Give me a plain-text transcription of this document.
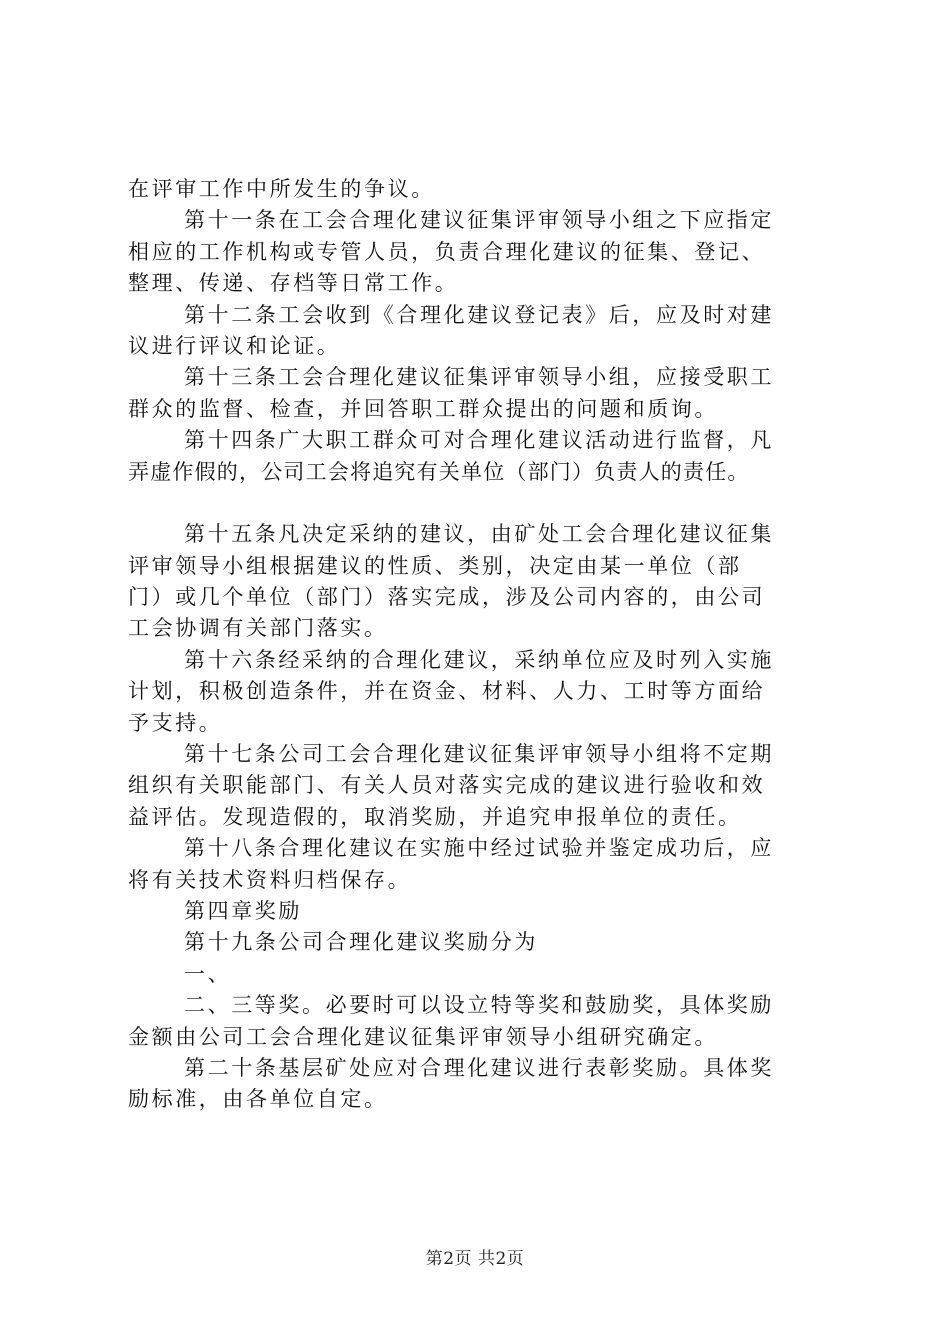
在评审工作中所发生的争议。
第十一条在工会合理化建议征集评审领导小组之下应指定
相应的工作机构或专管人员，负责合理化建议的征集、登记、
整理、传递、存档等日常工作。
第十二条工会收到《合理化建议登记表》后，应及时对建
议进行评议和论证。
第十三条工会合理化建议征集评审领导小组，应接受职工
群众的监督、检查，并回答职工群众提出的问题和质询。
第十四条广大职工群众可对合理化建议活动进行监督，凡
弄虚作假的，公司工会将追究有关单位（部门）负责人的责任。
第十五条凡决定采纳的建议，由矿处工会合理化建议征集
评审领导小组根据建议的性质、类别，决定由某一单位（部
门）或几个单位（部门）落实完成，涉及公司内容的，由公司
工会协调有关部门落实。
第十六条经采纳的合理化建议，采纳单位应及时列入实施
计划，积极创造条件，并在资金、材料、人力、工时等方面给
予支持。
第十七条公司工会合理化建议征集评审领导小组将不定期
组织有关职能部门、有关人员对落实完成的建议进行验收和效
益评估。发现造假的，取消奖励，并追究申报单位的责任。
第十八条合理化建议在实施中经过试验并鉴定成功后，应
将有关技术资料归档保存。
第四章奖励
第十九条公司合理化建议奖励分为
一、
二、三等奖。必要时可以设立特等奖和鼓励奖，具体奖励
金额由公司工会合理化建议征集评审领导小组研究确定。
第二十条基层矿处应对合理化建议进行表彰奖励。具体奖
励标准，由各单位自定。
第2页 共2页
